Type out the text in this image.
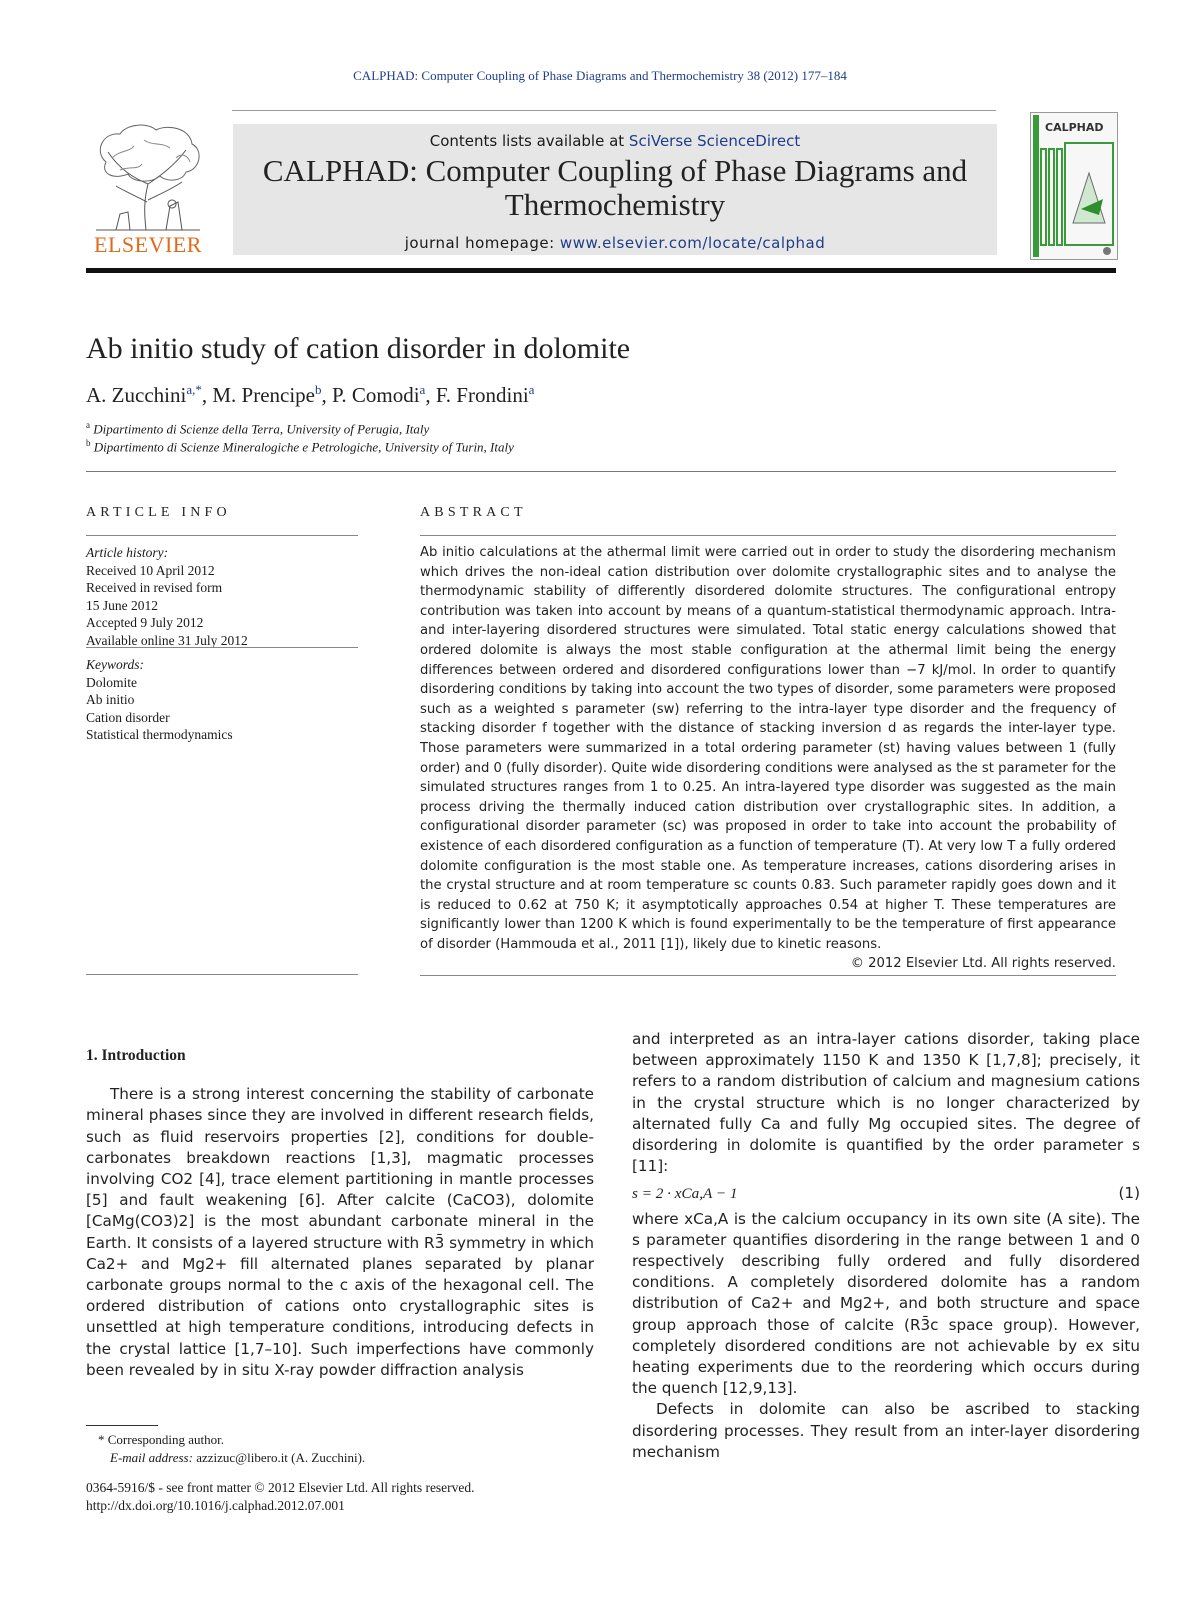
CALPHAD: Computer Coupling of Phase Diagrams and Thermochemistry 38 (2012) 177–184
ELSEVIER
Contents lists available at SciVerse ScienceDirect
CALPHAD: Computer Coupling of Phase Diagrams and Thermochemistry
journal homepage: www.elsevier.com/locate/calphad
CALPHAD
Ab initio study of cation disorder in dolomite
A. Zucchini$^{a,*}$, M. Prencipe$^b$, P. Comodi$^a$, F. Frondini$^a$
$^a$ Dipartimento di Scienze della Terra, University of Perugia, Italy
$^b$ Dipartimento di Scienze Mineralogiche e Petrologiche, University of Turin, Italy
ARTICLE INFO
Article history:
Received 10 April 2012
Received in revised form
15 June 2012
Accepted 9 July 2012
Available online 31 July 2012
Keywords:
Dolomite
Ab initio
Cation disorder
Statistical thermodynamics
ABSTRACT

Ab initio calculations at the athermal limit were carried out in order to study the disordering mechanism which drives the non-ideal cation distribution over dolomite crystallographic sites and to analyse the thermodynamic stability of differently disordered dolomite structures. The configurational entropy contribution was taken into account by means of a quantum-statistical thermodynamic approach. Intra- and inter-layering disordered structures were simulated. Total static energy calculations showed that ordered dolomite is always the most stable configuration at the athermal limit being the energy differences between ordered and disordered configurations lower than −7 kJ/mol. In order to quantify disordering conditions by taking into account the two types of disorder, some parameters were proposed such as a weighted s parameter (sw) referring to the intra-layer type disorder and the frequency of stacking disorder f together with the distance of stacking inversion d as regards the inter-layer type. Those parameters were summarized in a total ordering parameter (st) having values between 1 (fully order) and 0 (fully disorder). Quite wide disordering conditions were analysed as the st parameter for the simulated structures ranges from 1 to 0.25. An intra-layered type disorder was suggested as the main process driving the thermally induced cation distribution over crystallographic sites. In addition, a configurational disorder parameter (sc) was proposed in order to take into account the probability of existence of each disordered configuration as a function of temperature (T). At very low T a fully ordered dolomite configuration is the most stable one. As temperature increases, cations disordering arises in the crystal structure and at room temperature sc counts 0.83. Such parameter rapidly goes down and it is reduced to 0.62 at 750 K; it asymptotically approaches 0.54 at higher T. These temperatures are significantly lower than 1200 K which is found experimentally to be the temperature of first appearance of disorder (Hammouda et al., 2011 [1]), likely due to kinetic reasons.

© 2012 Elsevier Ltd. All rights reserved.

1. Introduction

There is a strong interest concerning the stability of carbonate mineral phases since they are involved in different research fields, such as fluid reservoirs properties [2], conditions for double-carbonates breakdown reactions [1,3], magmatic processes involving CO2 [4], trace element partitioning in mantle processes [5] and fault weakening [6]. After calcite (CaCO3), dolomite [CaMg(CO3)2] is the most abundant carbonate mineral in the Earth. It consists of a layered structure with R3̄ symmetry in which Ca2+ and Mg2+ fill alternated planes separated by planar carbonate groups normal to the c axis of the hexagonal cell. The ordered distribution of cations onto crystallographic sites is unsettled at high temperature conditions, introducing defects in the crystal lattice [1,7–10]. Such imperfections have commonly been revealed by in situ X-ray powder diffraction analysis

and interpreted as an intra-layer cations disorder, taking place between approximately 1150 K and 1350 K [1,7,8]; precisely, it refers to a random distribution of calcium and magnesium cations in the crystal structure which is no longer characterized by alternated fully Ca and fully Mg occupied sites. The degree of disordering in dolomite is quantified by the order parameter s [11]:

s = 2 · xCa,A − 1	(1)

where xCa,A is the calcium occupancy in its own site (A site). The s parameter quantifies disordering in the range between 1 and 0 respectively describing fully ordered and fully disordered conditions. A completely disordered dolomite has a random distribution of Ca2+ and Mg2+, and both structure and space group approach those of calcite (R3̄c space group). However, completely disordered conditions are not achievable by ex situ heating experiments due to the reordering which occurs during the quench [12,9,13].

Defects in dolomite can also be ascribed to stacking disordering processes. They result from an inter-layer disordering mechanism

* Corresponding author.
E-mail address: azzizuc@libero.it (A. Zucchini).
0364-5916/$ - see front matter © 2012 Elsevier Ltd. All rights reserved.
http://dx.doi.org/10.1016/j.calphad.2012.07.001
